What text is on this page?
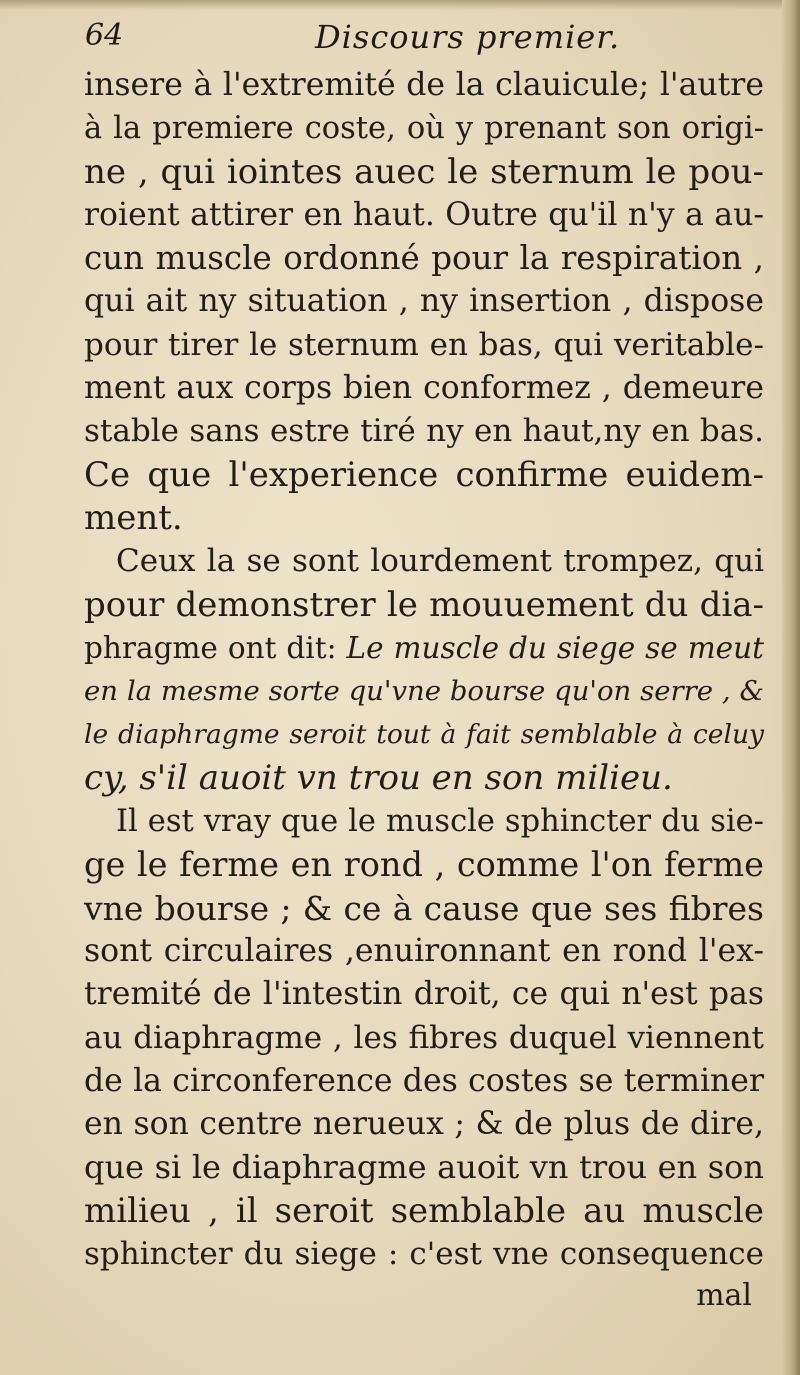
64	Discours premier.
insere à l'extremité de la clauicule; l'autre
à la premiere coste, où y prenant son origi-
ne , qui iointes auec le sternum le pou-
roient attirer en haut. Outre qu'il n'y a au-
cun muscle ordonné pour la respiration ,
qui ait ny situation , ny insertion , dispose
pour tirer le sternum en bas, qui veritable-
ment aux corps bien conformez , demeure
stable sans estre tiré ny en haut,ny en bas.
Ce que l'experience confirme euidem-
ment.
Ceux la se sont lourdement trompez, qui
pour demonstrer le mouuement du dia-
phragme ont dit: Le muscle du siege se meut
en la mesme sorte qu'vne bourse qu'on serre , &
le diaphragme seroit tout à fait semblable à celuy
cy, s'il auoit vn trou en son milieu.
Il est vray que le muscle sphincter du sie-
ge le ferme en rond , comme l'on ferme
vne bourse ; & ce à cause que ses fibres
sont circulaires ,enuironnant en rond l'ex-
tremité de l'intestin droit, ce qui n'est pas
au diaphragme , les fibres duquel viennent
de la circonference des costes se terminer
en son centre nerueux ; & de plus de dire,
que si le diaphragme auoit vn trou en son
milieu , il seroit semblable au muscle
sphincter du siege : c'est vne consequence
mal
